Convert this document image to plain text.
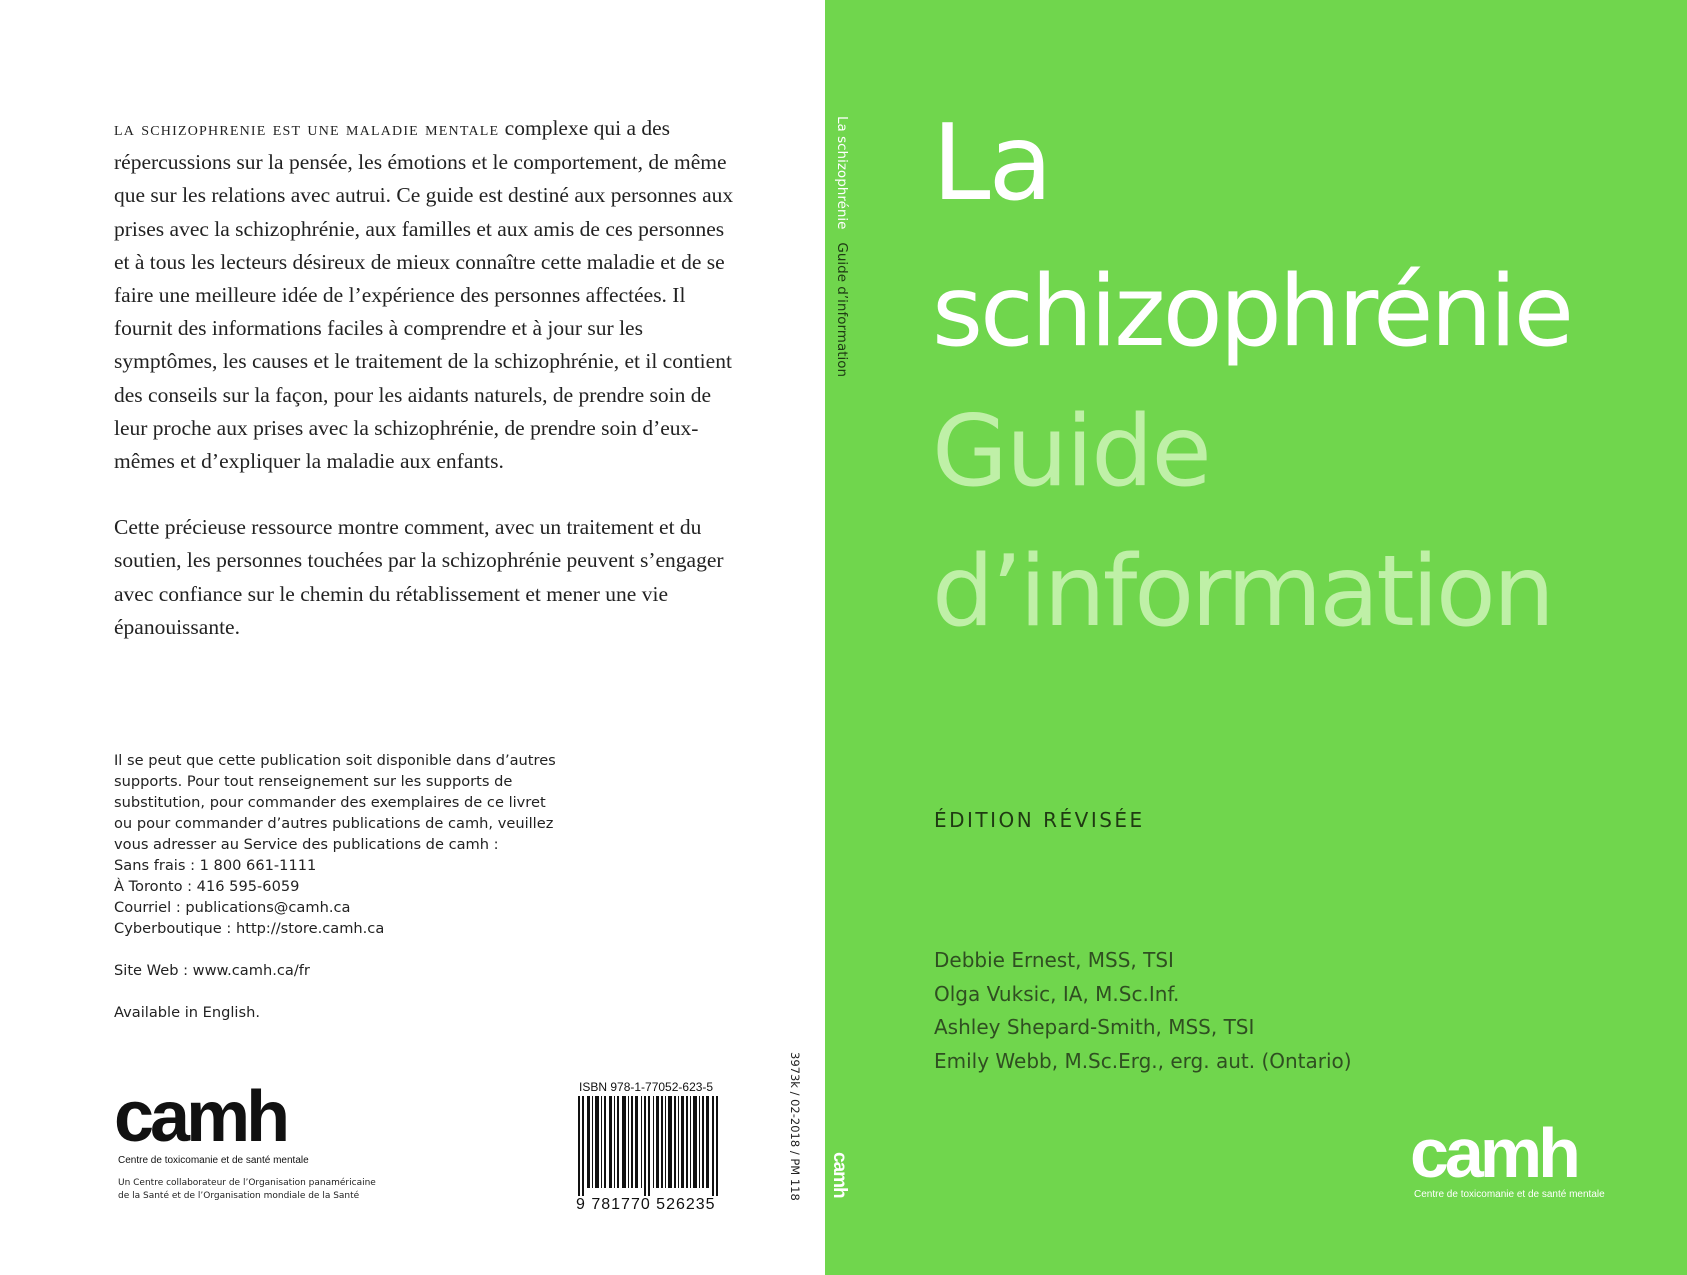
la schizophrenie est une maladie mentale complexe qui a des répercussions sur la pensée, les émotions et le comportement, de même que sur les relations avec autrui. Ce guide est destiné aux personnes aux prises avec la schizophrénie, aux familles et aux amis de ces personnes et à tous les lecteurs désireux de mieux connaître cette maladie et de se faire une meilleure idée de l’expérience des personnes affectées. Il fournit des informations faciles à comprendre et à jour sur les symptômes, les causes et le traitement de la schizophrénie, et il contient des conseils sur la façon, pour les aidants naturels, de prendre soin de leur proche aux prises avec la schizophrénie, de prendre soin d’eux-mêmes et d’expliquer la maladie aux enfants.

Cette précieuse ressource montre comment, avec un traitement et du soutien, les personnes touchées par la schizophrénie peuvent s’engager avec confiance sur le chemin du rétablissement et mener une vie épanouissante.

Il se peut que cette publication soit disponible dans d’autres
supports. Pour tout renseignement sur les supports de
substitution, pour commander des exemplaires de ce livret
ou pour commander d’autres publications de camh, veuillez
vous adresser au Service des publications de camh :
Sans frais : 1 800 661-1111
À Toronto : 416 595-6059
Courriel : publications@camh.ca
Cyberboutique : http://store.camh.ca
Site Web : www.camh.ca/fr
Available in English.
camh
Centre de toxicomanie et de santé mentale
Un Centre collaborateur de l’Organisation panaméricaine
de la Santé et de l’Organisation mondiale de la Santé
ISBN 978-1-77052-623-5
9 781770 526235
3973k / 02-2018 / PM 118
La schizophrénie   Guide d’information
camh
La
schizophrénie
Guide
d’information
ÉDITION RÉVISÉE
Debbie Ernest, MSS, TSI
Olga Vuksic, IA, M.Sc.Inf.
Ashley Shepard-Smith, MSS, TSI
Emily Webb, M.Sc.Erg., erg. aut. (Ontario)
camh
Centre de toxicomanie et de santé mentale
